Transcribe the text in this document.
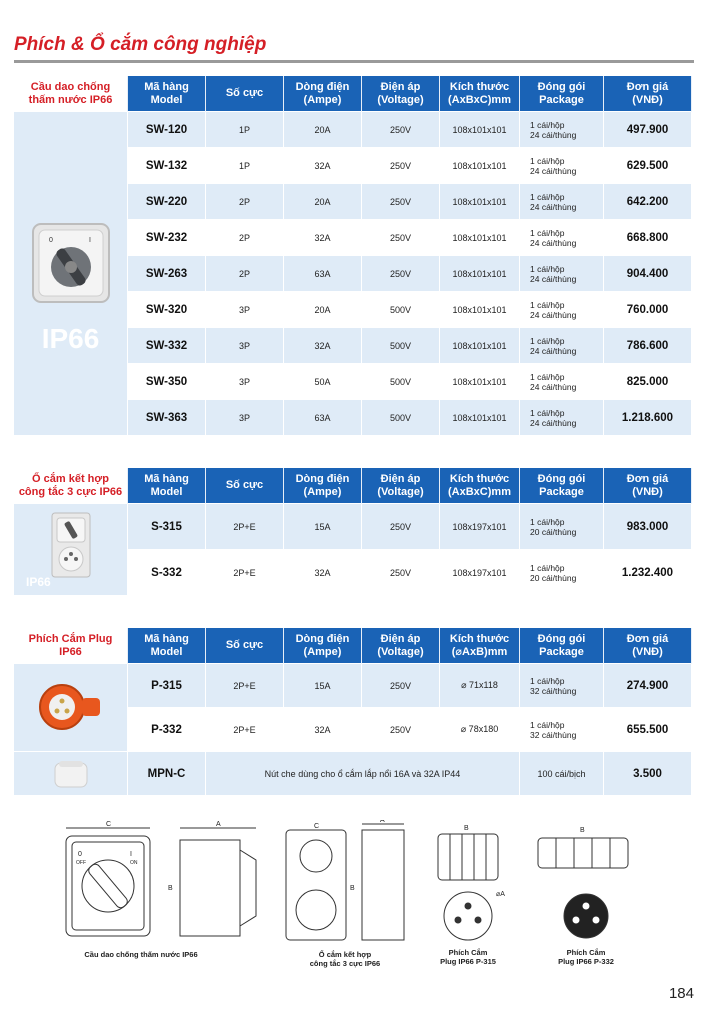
Phích & Ổ cắm công nghiệp
Cầu dao chống
thấm nước IP66	Mã hàng
Model	Số cực	Dòng điện
(Ampe)	Điện áp
(Voltage)	Kích thước
(AxBxC)mm	Đóng gói
Package	Đơn giá
(VNĐ)

0 I
IP66	SW-120	1P	20A	250V	108x101x101	1 cái/hộp
24 cái/thùng	497.900
	SW-132	1P	32A	250V	108x101x101	1 cái/hộp
24 cái/thùng	629.500
	SW-220	2P	20A	250V	108x101x101	1 cái/hộp
24 cái/thùng	642.200
	SW-232	2P	32A	250V	108x101x101	1 cái/hộp
24 cái/thùng	668.800
	SW-263	2P	63A	250V	108x101x101	1 cái/hộp
24 cái/thùng	904.400
	SW-320	3P	20A	500V	108x101x101	1 cái/hộp
24 cái/thùng	760.000
	SW-332	3P	32A	500V	108x101x101	1 cái/hộp
24 cái/thùng	786.600
	SW-350	3P	50A	500V	108x101x101	1 cái/hộp
24 cái/thùng	825.000
	SW-363	3P	63A	500V	108x101x101	1 cái/hộp
24 cái/thùng	1.218.600
Ổ cắm kết hợp
công tắc 3 cực IP66	Mã hàng
Model	Số cực	Dòng điện
(Ampe)	Điện áp
(Voltage)	Kích thước
(AxBxC)mm	Đóng gói
Package	Đơn giá
(VNĐ)

IP66	S-315	2P+E	15A	250V	108x197x101	1 cái/hộp
20 cái/thùng	983.000
	S-332	2P+E	32A	250V	108x197x101	1 cái/hộp
20 cái/thùng	1.232.400
Phích Cắm Plug
IP66	Mã hàng
Model	Số cực	Dòng điện
(Ampe)	Điện áp
(Voltage)	Kích thước
(⌀AxB)mm	Đóng gói
Package	Đơn giá
(VNĐ)

	P-315	2P+E	15A	250V	⌀ 71x118	1 cái/hộp
32 cái/thùng	274.900
	P-332	2P+E	32A	250V	⌀ 78x180	1 cái/hộp
32 cái/thùng	655.500

	MPN-C	Nút che dùng cho ổ cắm lắp nổi 16A và 32A IP44				100 cái/bịch	3.500
C	A
B
0	I
OFF	ON
C
A
B
B
⌀A
B
Cầu dao chống thấm nước IP66	Ổ cắm kết hợp
công tắc 3 cực IP66
Phích Cắm
Plug IP66 P-315
Phích Cắm
Plug IP66 P-332
184
